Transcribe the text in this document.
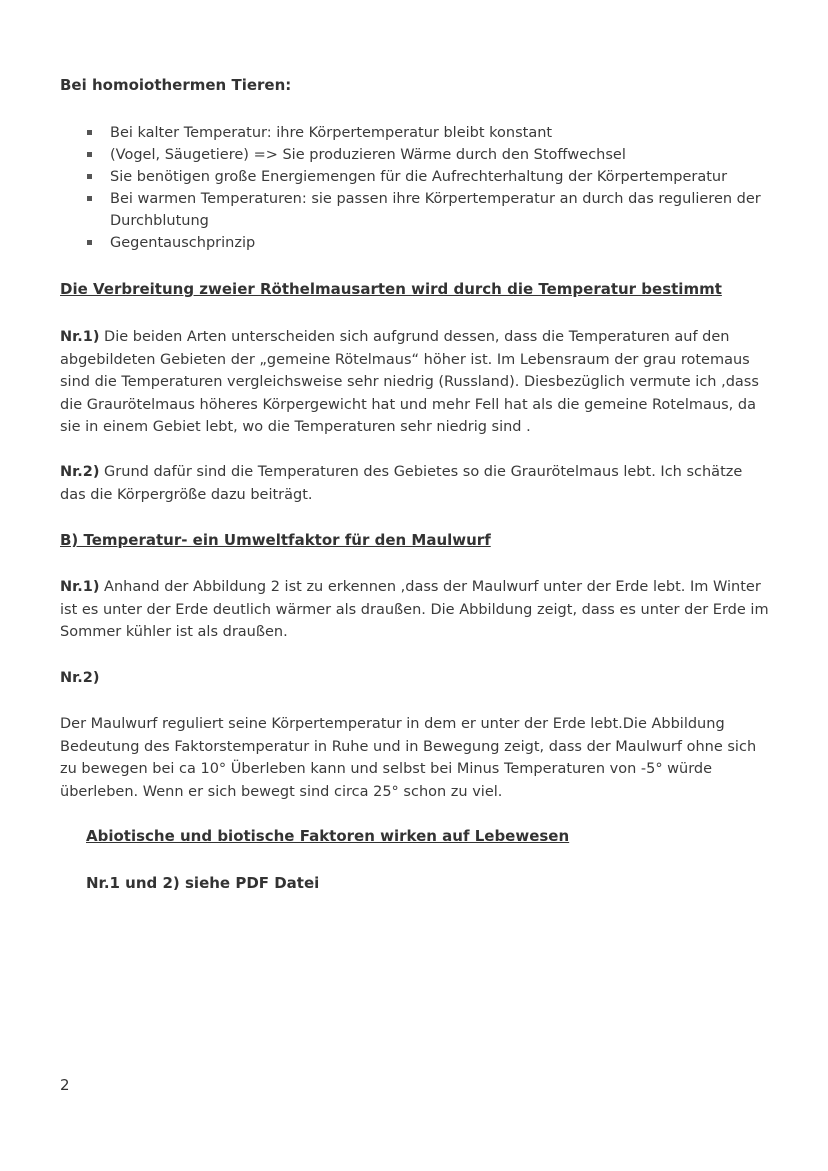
Bei homoiothermen Tieren:

Bei kalter Temperatur: ihre Körpertemperatur bleibt konstant
(Vogel, Säugetiere) => Sie produzieren Wärme durch den Stoffwechsel
Sie benötigen große Energiemengen für die Aufrechterhaltung der Körpertemperatur
Bei warmen Temperaturen: sie passen ihre Körpertemperatur an durch das regulieren der Durchblutung
Gegentauschprinzip

Die Verbreitung zweier Röthelmausarten wird durch die Temperatur bestimmt

Nr.1) Die beiden Arten unterscheiden sich aufgrund dessen, dass die Temperaturen auf den abgebildeten Gebieten der „gemeine Rötelmaus“ höher ist. Im Lebensraum der grau rotemaus sind die Temperaturen vergleichsweise sehr niedrig (Russland). Diesbezüglich vermute ich ,dass die Graurötelmaus höheres Körpergewicht hat und mehr Fell hat als die gemeine Rotelmaus, da sie in einem Gebiet lebt, wo die Temperaturen sehr niedrig sind .

Nr.2) Grund dafür sind die Temperaturen des Gebietes so die Graurötelmaus lebt. Ich schätze das die Körpergröße dazu beiträgt.

B) Temperatur- ein Umweltfaktor für den Maulwurf

Nr.1) Anhand der Abbildung 2 ist zu erkennen ,dass der Maulwurf unter der Erde lebt. Im Winter ist es unter der Erde deutlich wärmer als draußen. Die Abbildung zeigt, dass es unter der Erde im Sommer kühler ist als draußen.

Nr.2)

Der Maulwurf reguliert seine Körpertemperatur in dem er unter der Erde lebt.Die Abbildung Bedeutung des Faktorstemperatur in Ruhe und in Bewegung zeigt, dass der Maulwurf ohne sich zu bewegen bei ca 10° Überleben kann und selbst bei Minus Temperaturen von -5° würde überleben. Wenn er sich bewegt sind circa 25° schon zu viel.

Abiotische und biotische Faktoren wirken auf Lebewesen

Nr.1 und 2) siehe PDF Datei

2
